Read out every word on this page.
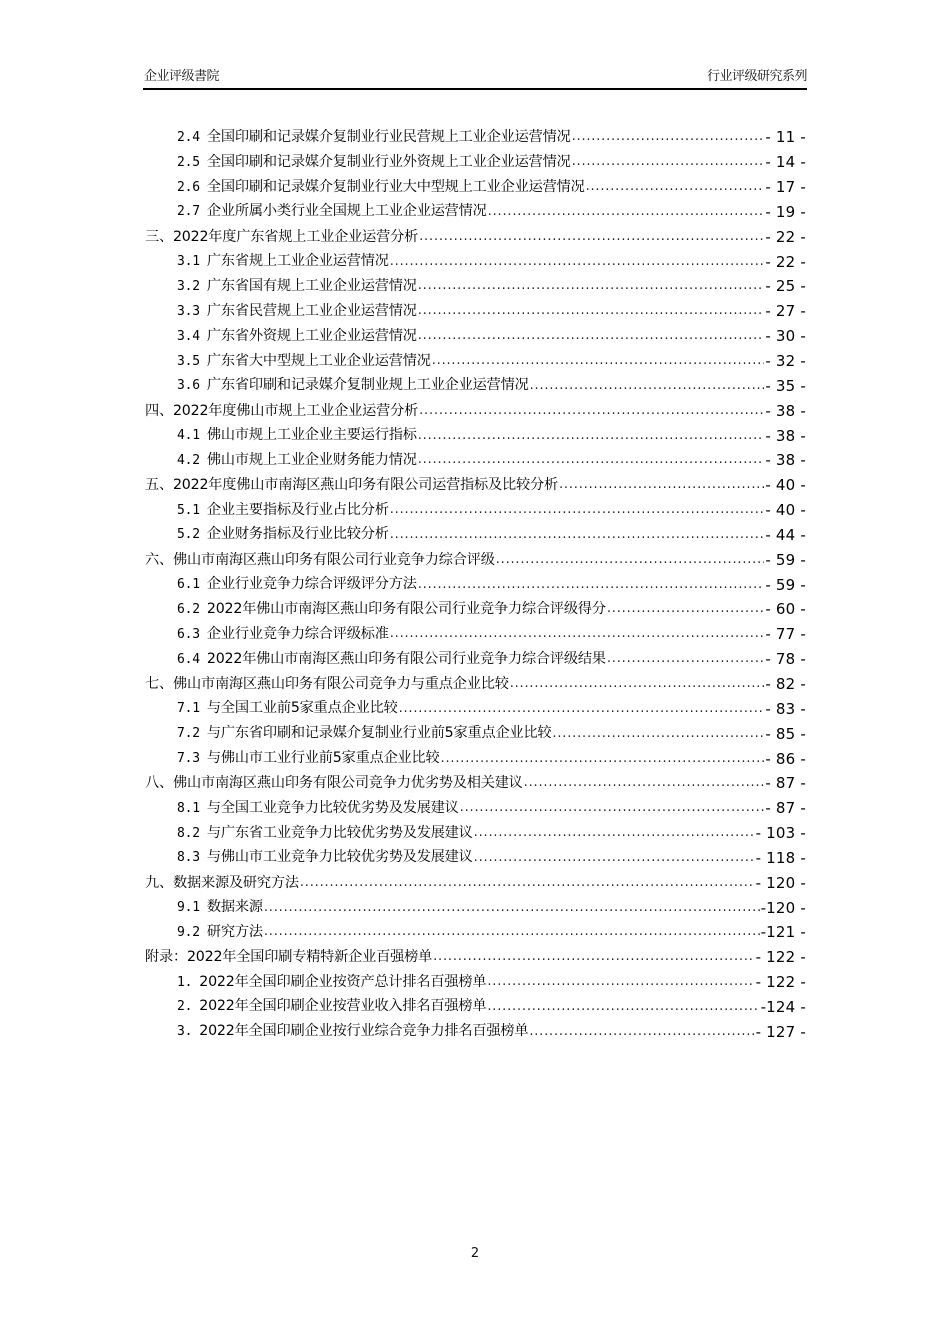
企业评级書院	行业评级研究系列
2.4 全国印刷和记录媒介复制业行业民营规上工业企业运营情况 .....	- 11 -
2.5 全国印刷和记录媒介复制业行业外资规上工业企业运营情况 .....	- 14 -
2.6 全国印刷和记录媒介复制业行业大中型规上工业企业运营情况 .....	- 17 -
2.7 企业所属小类行业全国规上工业企业运营情况 .....	- 19 -
三、2022年度广东省规上工业企业运营分析 .....	- 22 -
3.1 广东省规上工业企业运营情况 .....	- 22 -
3.2 广东省国有规上工业企业运营情况 .....	- 25 -
3.3 广东省民营规上工业企业运营情况 .....	- 27 -
3.4 广东省外资规上工业企业运营情况 .....	- 30 -
3.5 广东省大中型规上工业企业运营情况 .....	- 32 -
3.6 广东省印刷和记录媒介复制业规上工业企业运营情况 .....	- 35 -
四、2022年度佛山市规上工业企业运营分析 .....	- 38 -
4.1 佛山市规上工业企业主要运行指标 .....	- 38 -
4.2 佛山市规上工业企业财务能力情况 .....	- 38 -
五、2022年度佛山市南海区燕山印务有限公司运营指标及比较分析 .....	- 40 -
5.1 企业主要指标及行业占比分析 .....	- 40 -
5.2 企业财务指标及行业比较分析 .....	- 44 -
六、佛山市南海区燕山印务有限公司行业竞争力综合评级 .....	- 59 -
6.1 企业行业竞争力综合评级评分方法 .....	- 59 -
6.2 2022年佛山市南海区燕山印务有限公司行业竞争力综合评级得分 .....	- 60 -
6.3 企业行业竞争力综合评级标准 .....	- 77 -
6.4 2022年佛山市南海区燕山印务有限公司行业竞争力综合评级结果 .....	- 78 -
七、佛山市南海区燕山印务有限公司竞争力与重点企业比较 .....	- 82 -
7.1 与全国工业前5家重点企业比较 .....	- 83 -
7.2 与广东省印刷和记录媒介复制业行业前5家重点企业比较 .....	- 85 -
7.3 与佛山市工业行业前5家重点企业比较 .....	- 86 -
八、佛山市南海区燕山印务有限公司竞争力优劣势及相关建议 .....	- 87 -
8.1 与全国工业竞争力比较优劣势及发展建议 .....	- 87 -
8.2 与广东省工业竞争力比较优劣势及发展建议 .....	- 103 -
8.3 与佛山市工业竞争力比较优劣势及发展建议 .....	- 118 -
九、数据来源及研究方法 .....	- 120 -
9.1 数据来源 .....	-120 -
9.2 研究方法 .....	-121 -
附录：2022年全国印刷专精特新企业百强榜单 .....	- 122 -
1. 2022年全国印刷企业按资产总计排名百强榜单 .....	- 122 -
2. 2022年全国印刷企业按营业收入排名百强榜单 .....	-124 -
3. 2022年全国印刷企业按行业综合竞争力排名百强榜单 .....	- 127 -
2
